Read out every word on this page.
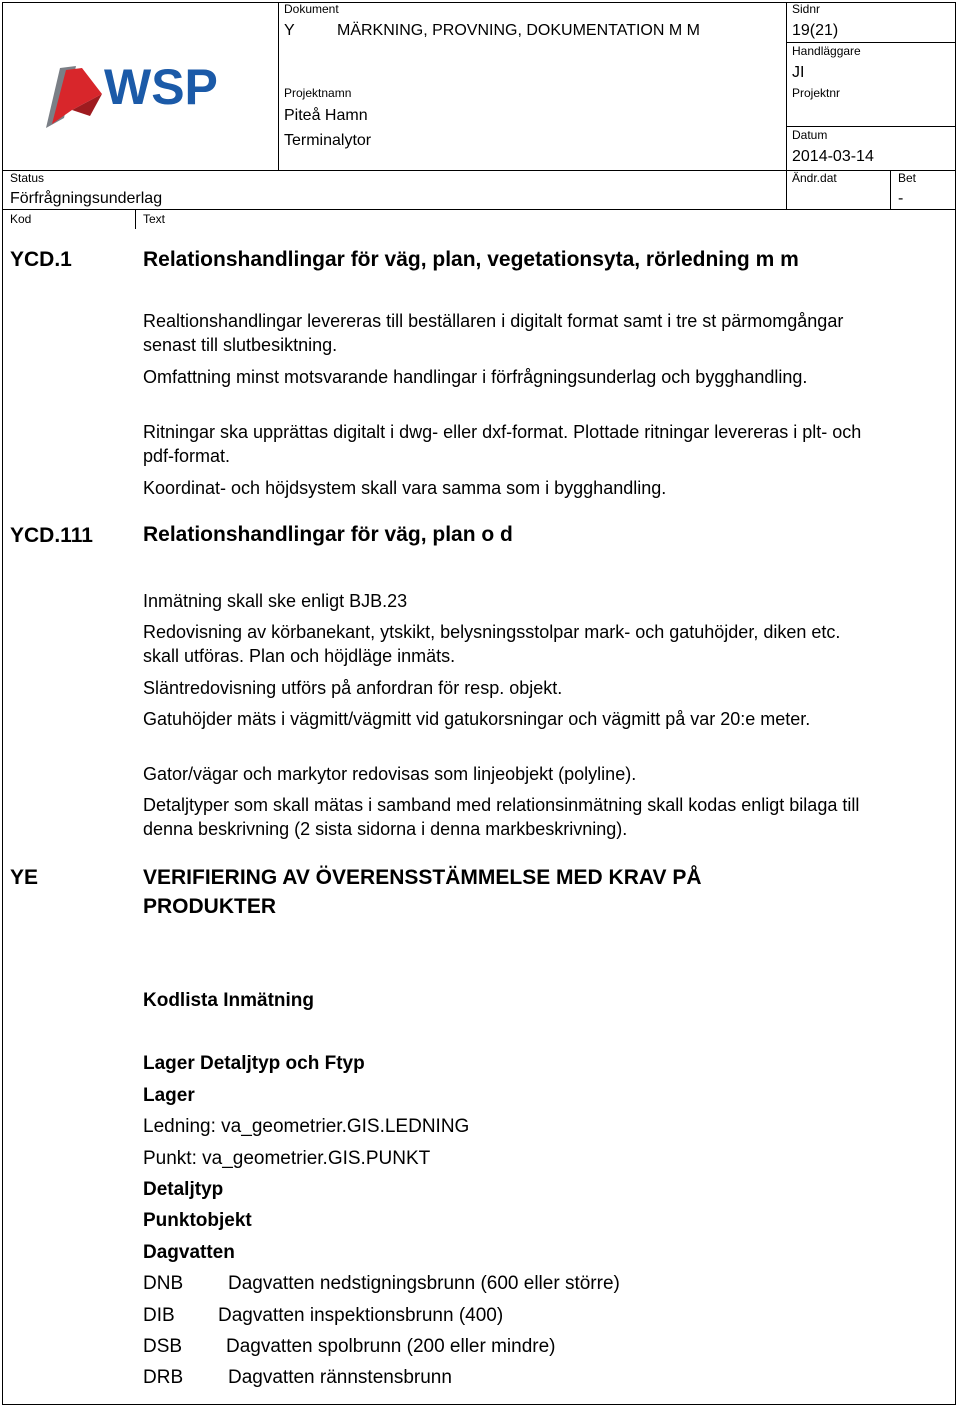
WSP
Dokument
Y	MÄRKNING, PROVNING, DOKUMENTATION M M
Projektnamn
Piteå Hamn
Terminalytor
Sidnr
19(21)
Handläggare
JI
Projektnr
Datum
2014-03-14
Status
Förfrågningsunderlag
Ändr.dat	Bet
-
Kod	Text
YCD.1	Relationshandlingar för väg, plan, vegetationsyta, rörledning m m
Realtionshandlingar levereras till beställaren i digitalt format samt i tre st pärmomgångar senast till slutbesiktning.
Omfattning minst motsvarande handlingar i förfrågningsunderlag och bygghandling.
Ritningar ska upprättas digitalt i dwg- eller dxf-format. Plottade ritningar levereras i plt- och pdf-format.
Koordinat- och höjdsystem skall vara samma som i bygghandling.
YCD.111 Relationshandlingar för väg, plan o d
Inmätning skall ske enligt BJB.23
Redovisning av körbanekant, ytskikt, belysningsstolpar mark- och gatuhöjder, diken etc. skall utföras. Plan och höjdläge inmäts.
Släntredovisning utförs på anfordran för resp. objekt.
Gatuhöjder mäts i vägmitt/vägmitt vid gatukorsningar och vägmitt på var 20:e meter.
Gator/vägar och markytor redovisas som linjeobjekt (polyline).
Detaljtyper som skall mätas i samband med relationsinmätning skall kodas enligt bilaga till denna beskrivning (2 sista sidorna i denna markbeskrivning).
YE	VERIFIERING AV ÖVERENSSTÄMMELSE MED KRAV PÅ PRODUKTER
Kodlista Inmätning
Lager Detaljtyp och Ftyp
Lager
Ledning: va_geometrier.GIS.LEDNING
Punkt: va_geometrier.GIS.PUNKT
Detaljtyp
Punktobjekt
Dagvatten
DNB Dagvatten nedstigningsbrunn (600 eller större)
DIB Dagvatten inspektionsbrunn (400)
DSB Dagvatten spolbrunn (200 eller mindre)
DRB Dagvatten rännstensbrunn
